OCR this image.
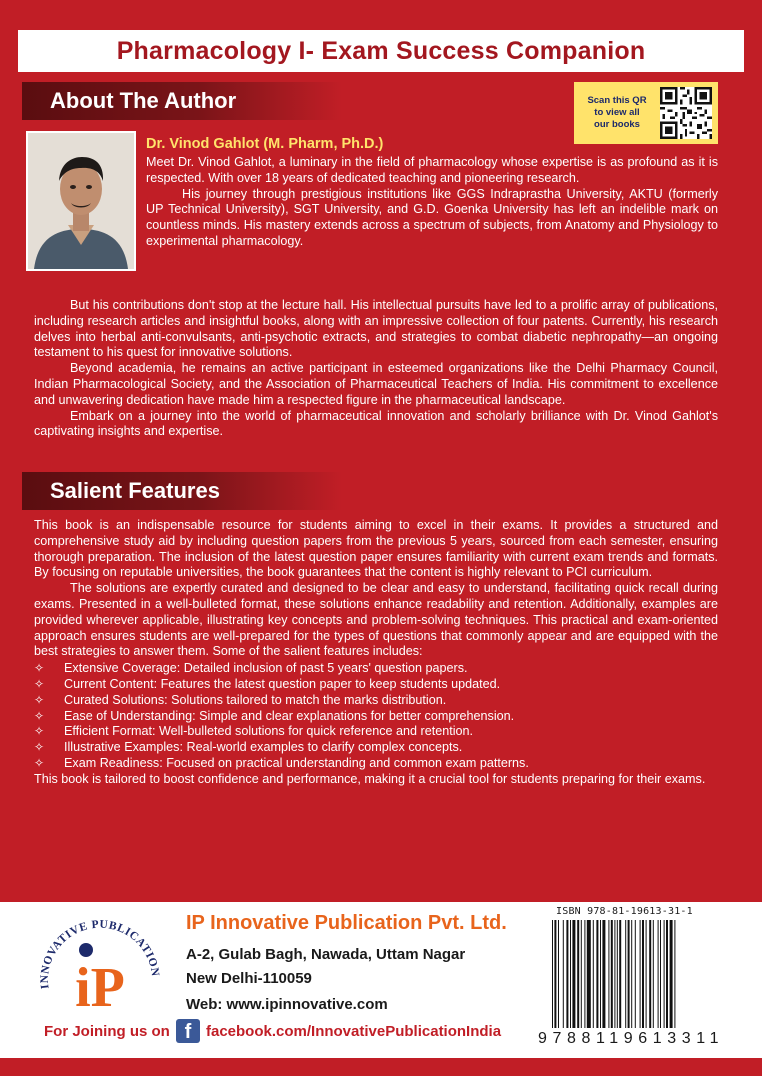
Pharmacology I- Exam Success Companion
About The Author	Scan this QR
to view all
our books
Dr. Vinod Gahlot (M. Pharm, Ph.D.)

Meet Dr. Vinod Gahlot, a luminary in the field of pharmacology whose expertise is as profound as it is respected. With over 18 years of dedicated teaching and pioneering research.

His journey through prestigious institutions like GGS Indraprastha University, AKTU (formerly UP Technical University), SGT University, and G.D. Goenka University has left an indelible mark on countless minds. His mastery extends across a spectrum of subjects, from Anatomy and Physiology to experimental pharmacology.

But his contributions don't stop at the lecture hall. His intellectual pursuits have led to a prolific array of publications, including research articles and insightful books, along with an impressive collection of four patents. Currently, his research delves into herbal anti-convulsants, anti-psychotic extracts, and strategies to combat diabetic nephropathy—an ongoing testament to his quest for innovative solutions.

Beyond academia, he remains an active participant in esteemed organizations like the Delhi Pharmacy Council, Indian Pharmacological Society, and the Association of Pharmaceutical Teachers of India. His commitment to excellence and unwavering dedication have made him a respected figure in the pharmaceutical landscape.

Embark on a journey into the world of pharmaceutical innovation and scholarly brilliance with Dr. Vinod Gahlot's captivating insights and expertise.

Salient Features

This book is an indispensable resource for students aiming to excel in their exams. It provides a structured and comprehensive study aid by including question papers from the previous 5 years, sourced from each semester, ensuring thorough preparation. The inclusion of the latest question paper ensures familiarity with current exam trends and formats. By focusing on reputable universities, the book guarantees that the content is highly relevant to PCI curriculum.

The solutions are expertly curated and designed to be clear and easy to understand, facilitating quick recall during exams. Presented in a well-bulleted format, these solutions enhance readability and retention. Additionally, examples are provided wherever applicable, illustrating key concepts and problem-solving techniques. This practical and exam-oriented approach ensures students are well-prepared for the types of questions that commonly appear and are equipped with the best strategies to answer them. Some of the salient features includes:

✧	Extensive Coverage: Detailed inclusion of past 5 years' question papers.
✧	Current Content: Features the latest question paper to keep students updated.
✧	Curated Solutions: Solutions tailored to match the marks distribution.
✧	Ease of Understanding: Simple and clear explanations for better comprehension.
✧	Efficient Format: Well-bulleted solutions for quick reference and retention.
✧	Illustrative Examples: Real-world examples to clarify complex concepts.
✧	Exam Readiness: Focused on practical understanding and common exam patterns.

This book is tailored to boost confidence and performance, making it a crucial tool for students preparing for their exams.

INNOVATIVE PUBLICATION
iP
IP Innovative Publication Pvt. Ltd.
A-2, Gulab Bagh, Nawada, Uttam Nagar
New Delhi-110059
Web: www.ipinnovative.com
For Joining us on f facebook.com/InnovativePublicationIndia
ISBN 978-81-19613-31-1
9788119613311
